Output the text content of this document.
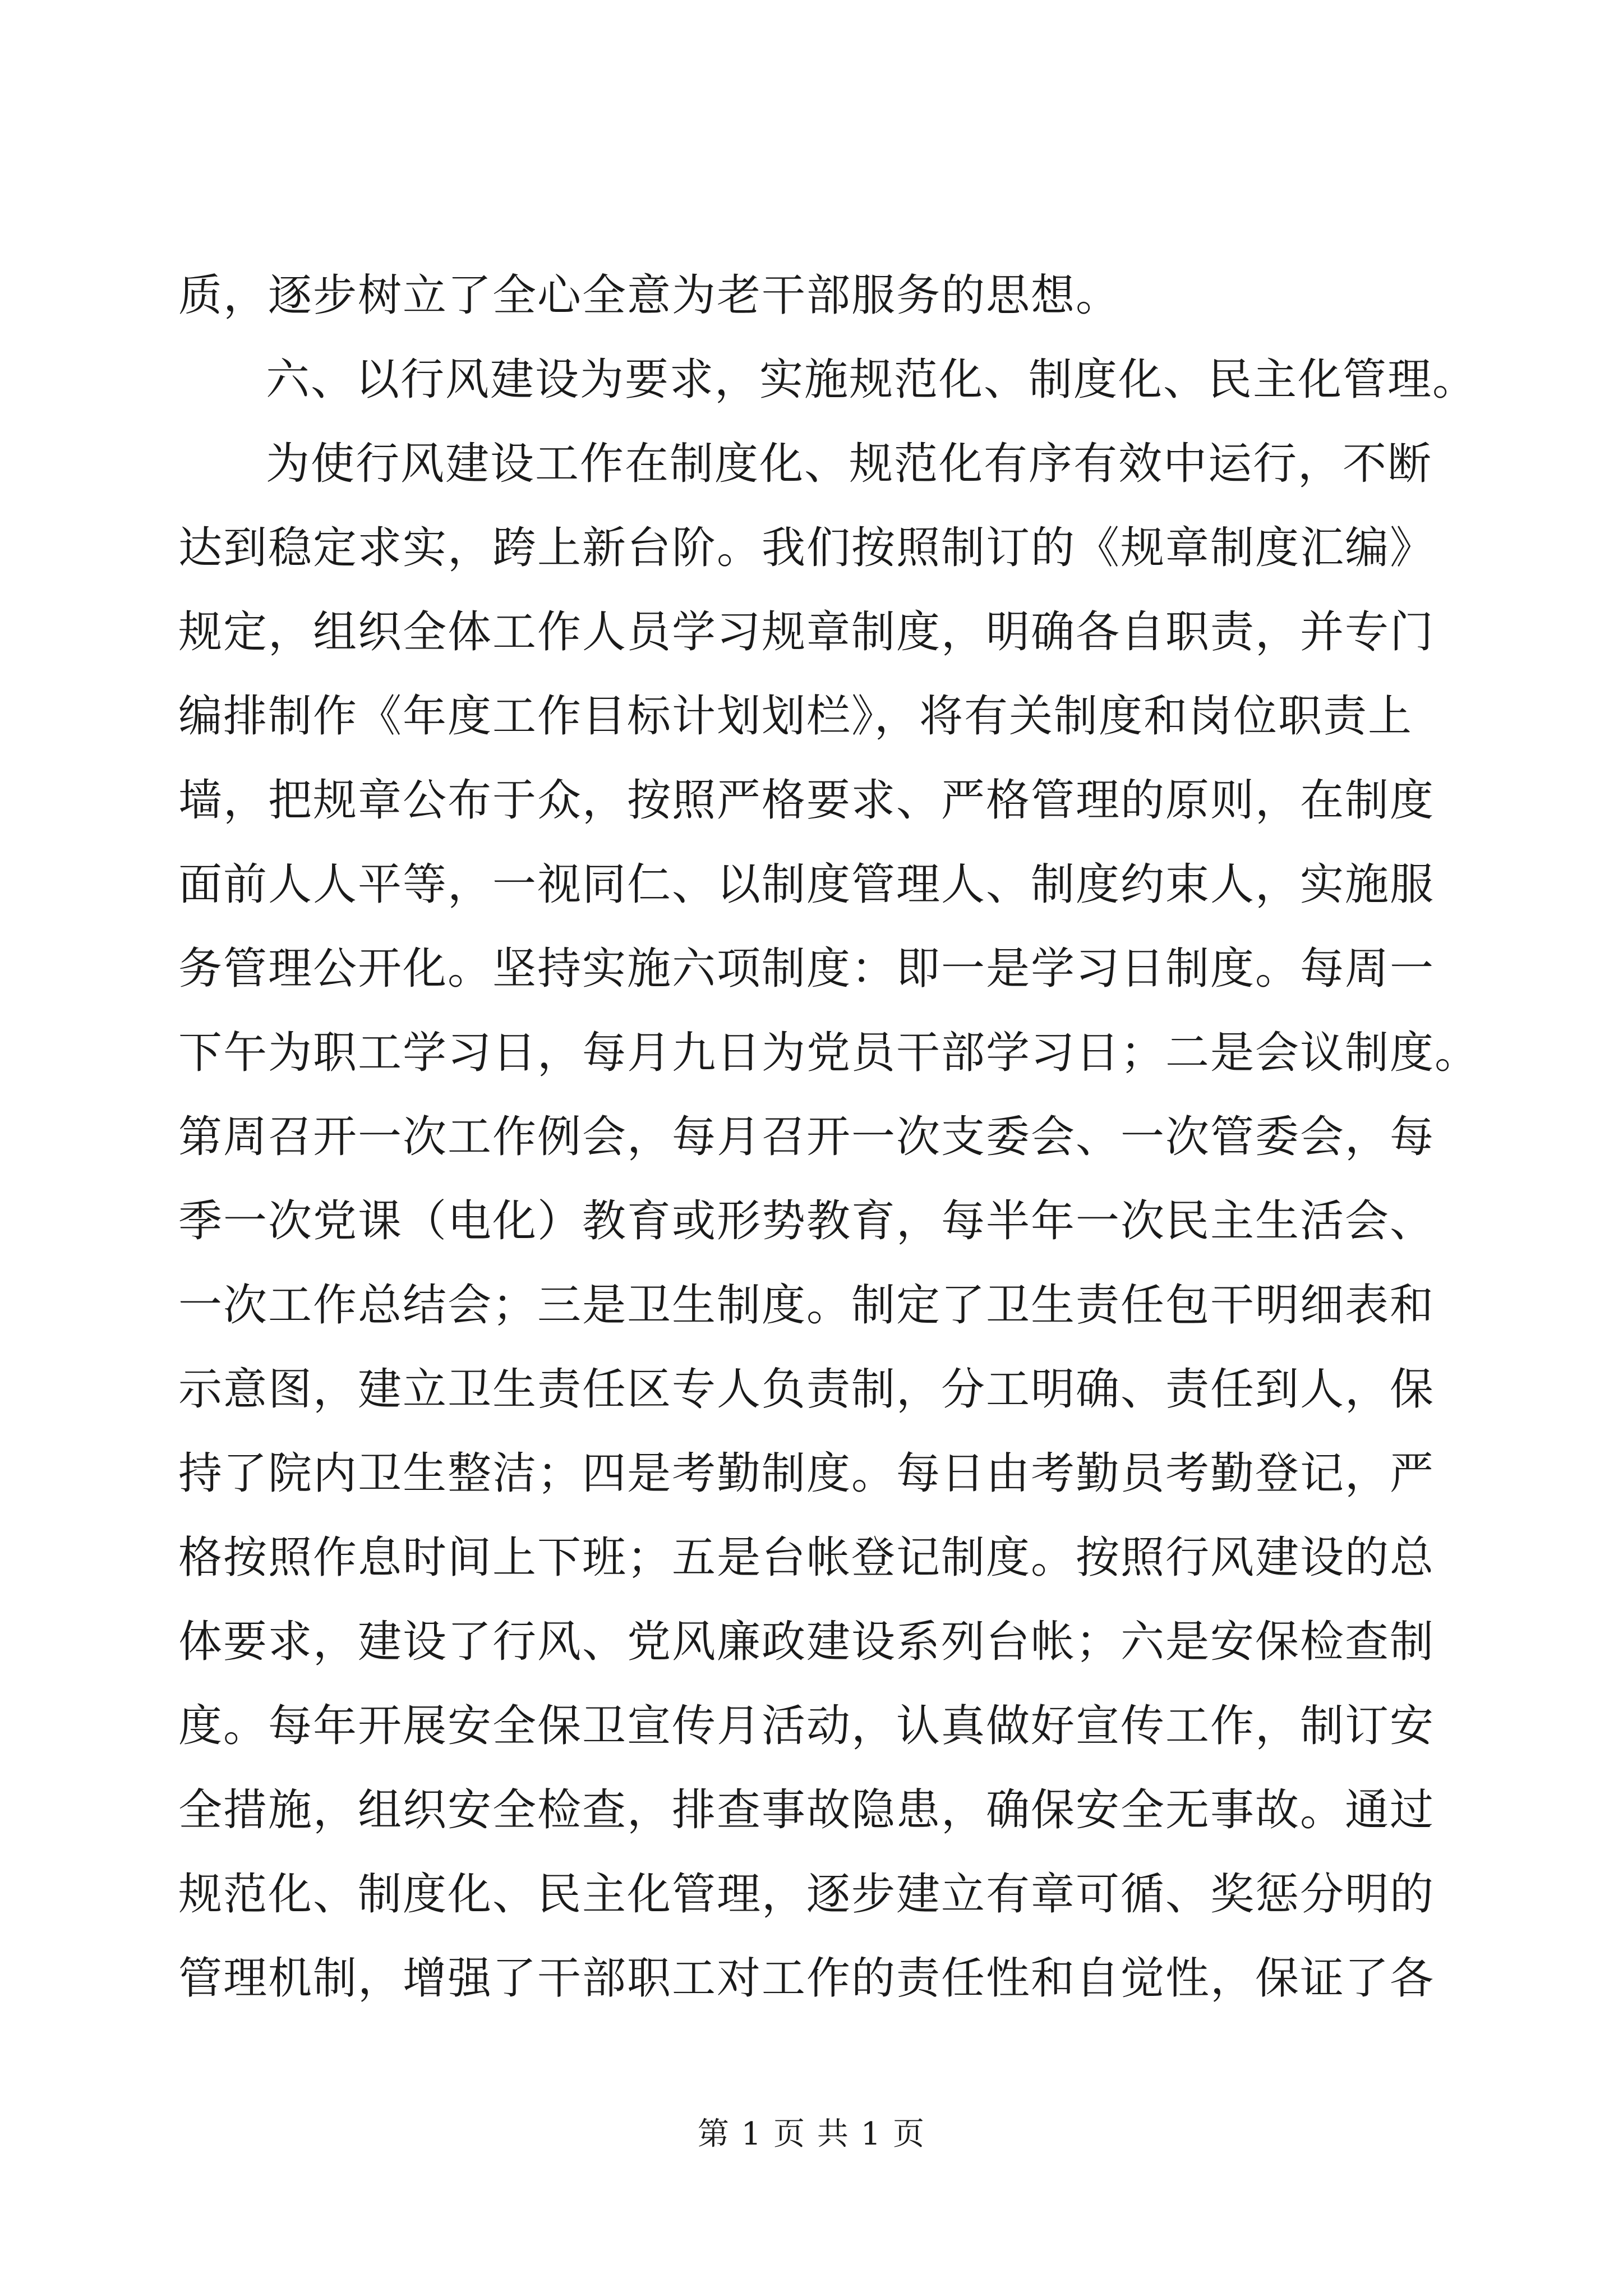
质，逐步树立了全心全意为老干部服务的思想。

六、以行风建设为要求，实施规范化、制度化、民主化管理。

为使行风建设工作在制度化、规范化有序有效中运行，不断
达到稳定求实，跨上新台阶。我们按照制订的《规章制度汇编》
规定，组织全体工作人员学习规章制度，明确各自职责，并专门
编排制作《年度工作目标计划划栏》，将有关制度和岗位职责上
墙，把规章公布于众，按照严格要求、严格管理的原则，在制度
面前人人平等，一视同仁、以制度管理人、制度约束人，实施服
务管理公开化。坚持实施六项制度：即一是学习日制度。每周一
下午为职工学习日，每月九日为党员干部学习日；二是会议制度。
第周召开一次工作例会，每月召开一次支委会、一次管委会，每
季一次党课（电化）教育或形势教育，每半年一次民主生活会、
一次工作总结会；三是卫生制度。制定了卫生责任包干明细表和
示意图，建立卫生责任区专人负责制，分工明确、责任到人，保
持了院内卫生整洁；四是考勤制度。每日由考勤员考勤登记，严
格按照作息时间上下班；五是台帐登记制度。按照行风建设的总
体要求，建设了行风、党风廉政建设系列台帐；六是安保检查制
度。每年开展安全保卫宣传月活动，认真做好宣传工作，制订安
全措施，组织安全检查，排查事故隐患，确保安全无事故。通过
规范化、制度化、民主化管理，逐步建立有章可循、奖惩分明的
管理机制，增强了干部职工对工作的责任性和自觉性，保证了各

第 1 页 共 1 页
